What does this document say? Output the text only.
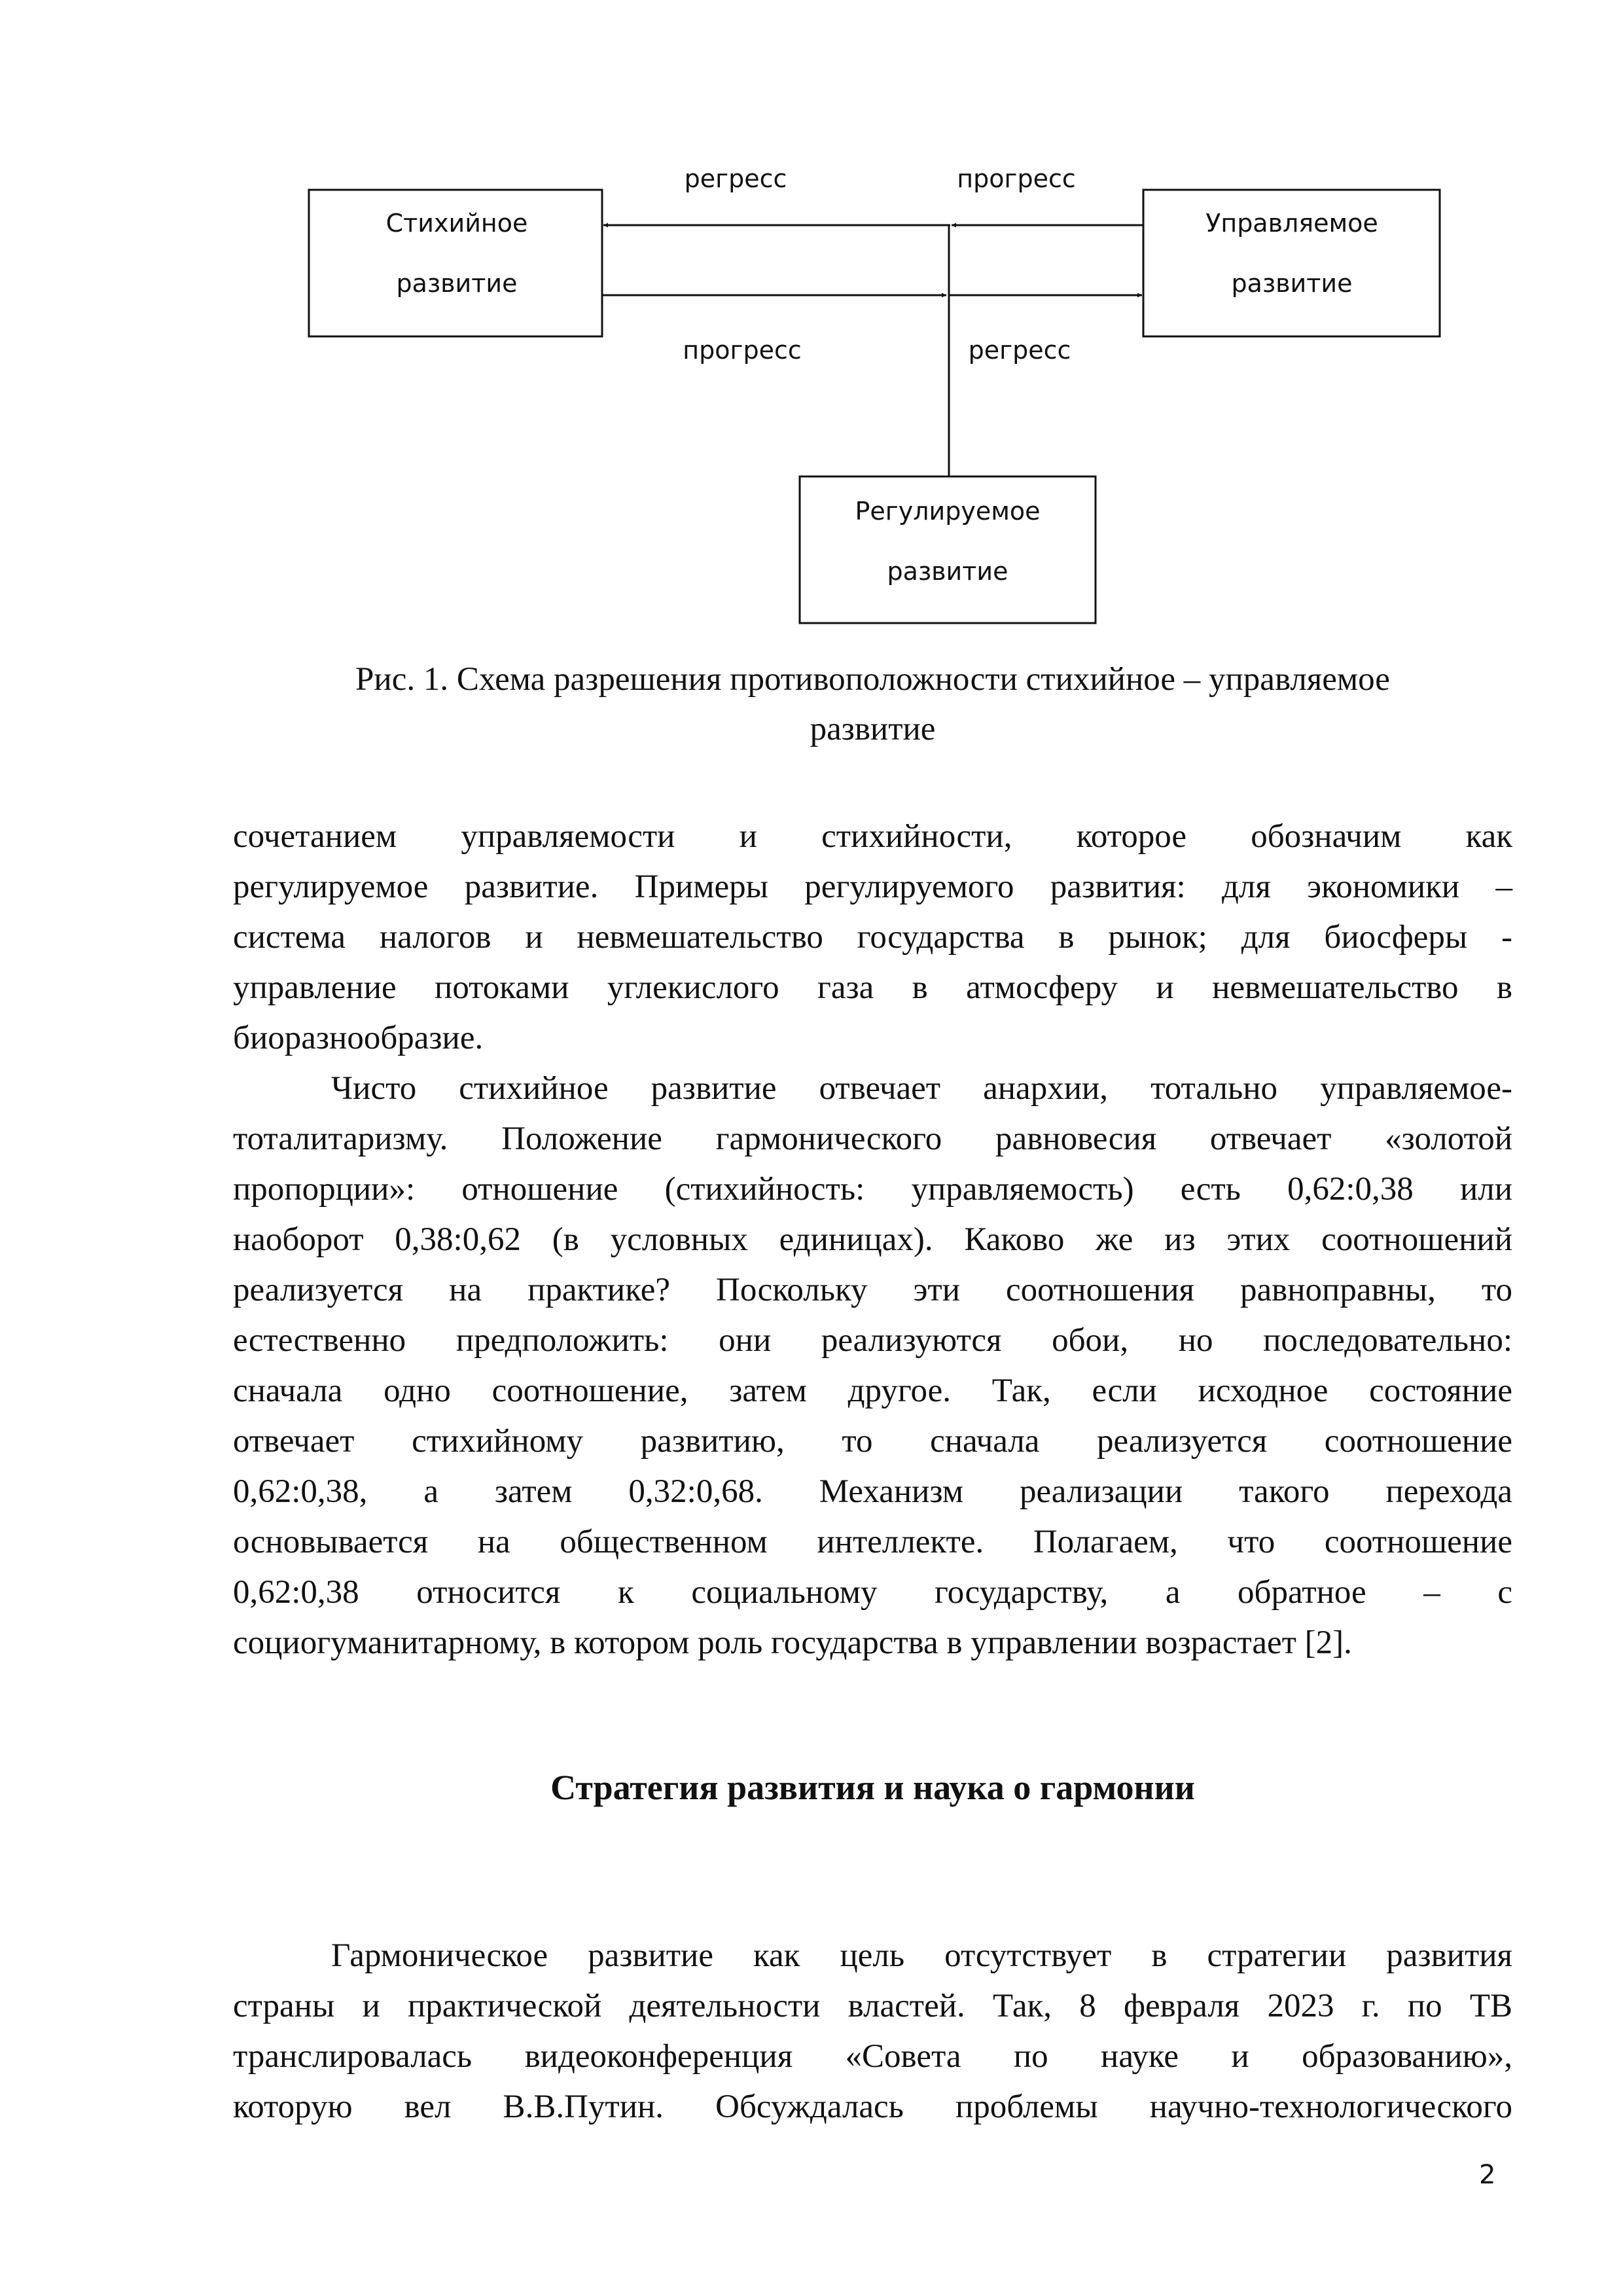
Стихийное
развитие
Управляемое
развитие
Регулируемое
развитие
регресс	прогресс
прогресс	регресс
Рис. 1. Схема разрешения противоположности стихийное – управляемое
развитие

сочетанием управляемости и стихийности, которое обозначим как

регулируемое развитие. Примеры регулируемого развития: для экономики –

система налогов и невмешательство государства в рынок; для биосферы -

управление потоками углекислого газа в атмосферу и невмешательство в

биоразнообразие.

Чисто стихийное развитие отвечает анархии, тотально управляемое-

тоталитаризму. Положение гармонического равновесия отвечает «золотой

пропорции»: отношение (стихийность: управляемость) есть 0,62:0,38 или

наоборот 0,38:0,62 (в условных единицах). Каково же из этих соотношений

реализуется на практике? Поскольку эти соотношения равноправны, то

естественно предположить: они реализуются обои, но последовательно:

сначала одно соотношение, затем другое. Так, если исходное состояние

отвечает стихийному развитию, то сначала реализуется соотношение

0,62:0,38, а затем 0,32:0,68. Механизм реализации такого перехода

основывается на общественном интеллекте. Полагаем, что соотношение

0,62:0,38 относится к социальному государству, а обратное – с

социогуманитарному, в котором роль государства в управлении возрастает [2].

Стратегия развития и наука о гармонии

Гармоническое развитие как цель отсутствует в стратегии развития

страны и практической деятельности властей. Так, 8 февраля 2023 г. по ТВ

транслировалась видеоконференция «Совета по науке и образованию»,

которую вел В.В.Путин. Обсуждалась проблемы научно-технологического

2
